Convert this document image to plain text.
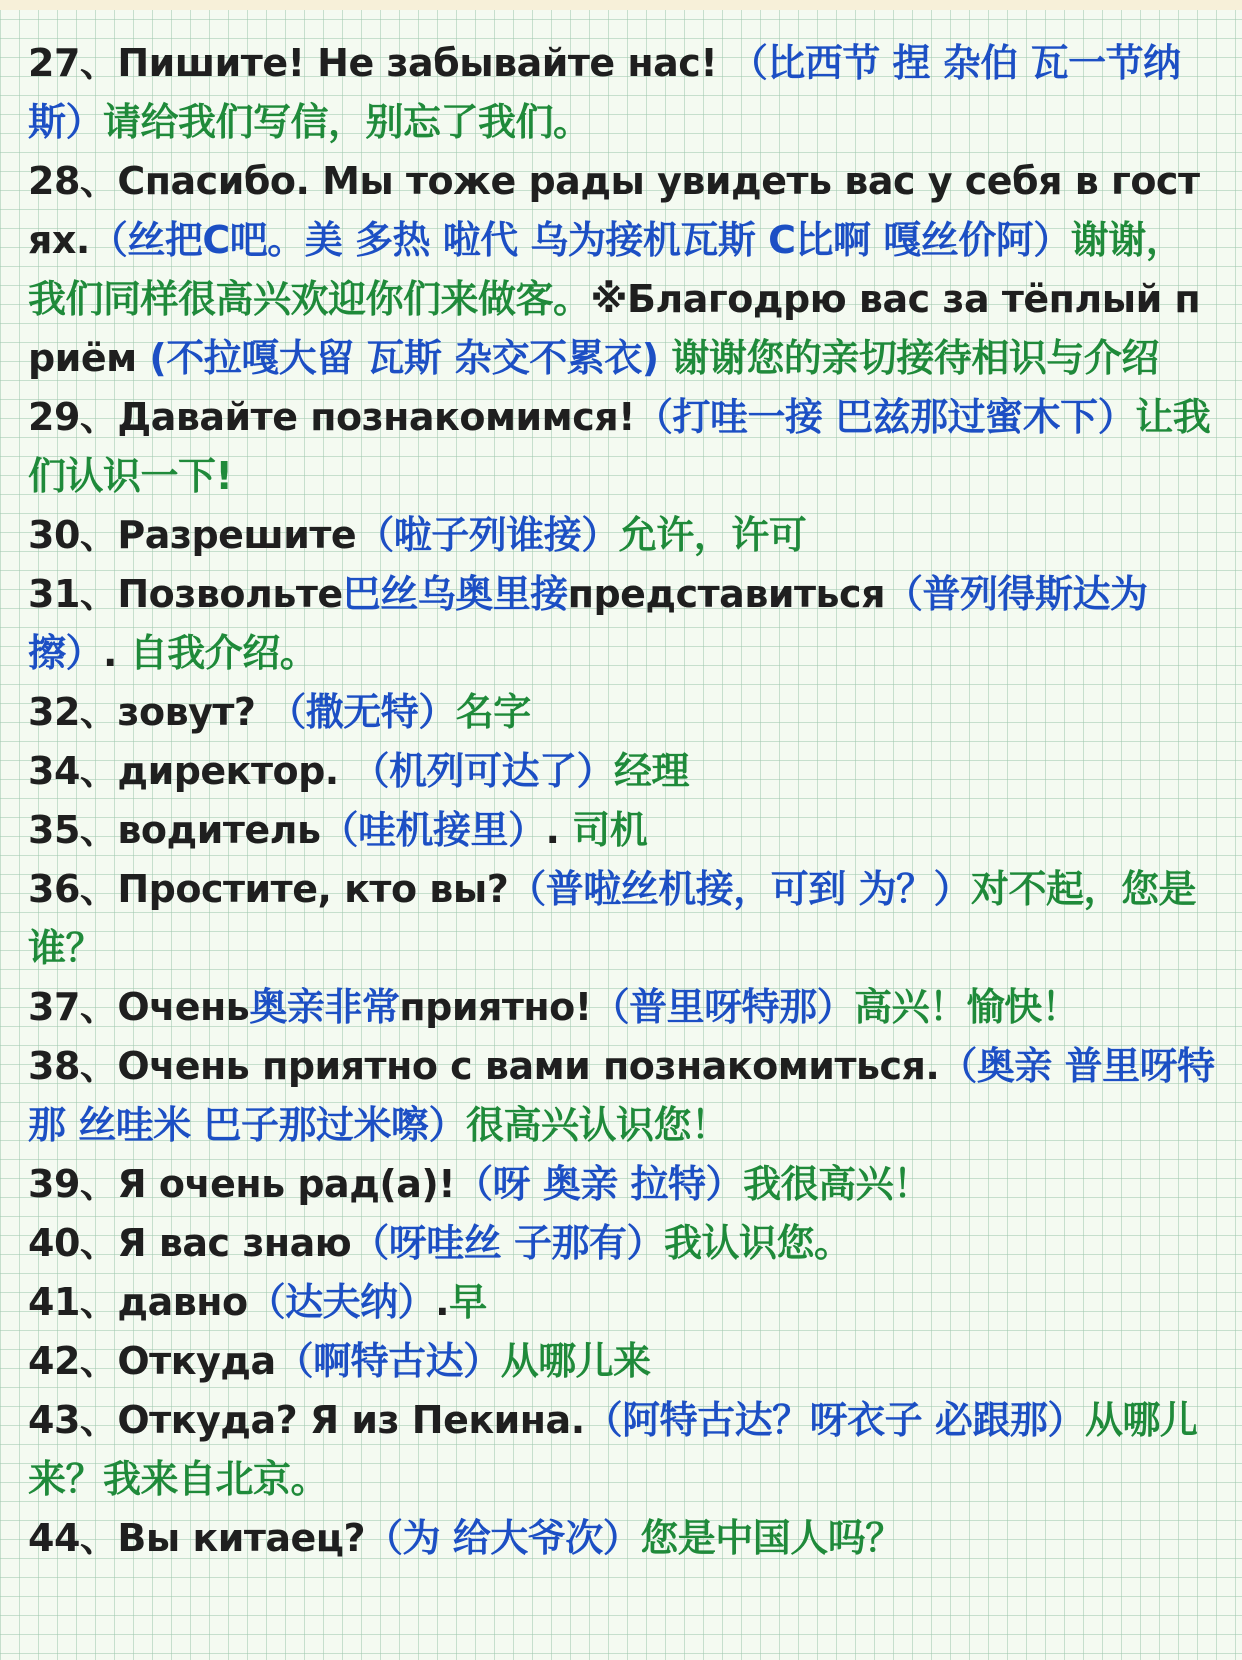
27、Пишите! Не забывайте нас! （比西节 捏 杂伯 瓦一节纳斯）请给我们写信，别忘了我们。
28、Спасибо. Мы тоже рады увидеть вас у себя в гостях.（丝把C吧。美 多热 啦代 乌为接机瓦斯 C比啊 嘎丝价阿）谢谢，我们同样很高兴欢迎你们来做客。※Благодрю вас за тёплый приём (不拉嘎大留 瓦斯 杂交不累衣) 谢谢您的亲切接待相识与介绍
29、Давайте познакомимся!（打哇一接 巴兹那过蜜木下）让我们认识一下!
30、Разрешите（啦子列谁接）允许，许可
31、Позвольте巴丝乌奥里接представиться（普列得斯达为擦）. 自我介绍。
32、зовут? （撒无特）名字
34、директор. （机列可达了）经理
35、водитель（哇机接里）. 司机
36、Простите, кто вы?（普啦丝机接，可到 为？）对不起，您是谁？
37、Очень奥亲非常приятно!（普里呀特那）高兴！愉快！
38、Очень приятно с вами познакомиться.（奥亲 普里呀特那 丝哇米 巴子那过米嚓）很高兴认识您！
39、Я очень рад(а)!（呀 奥亲 拉特）我很高兴！
40、Я вас знаю（呀哇丝 子那有）我认识您。
41、давно（达夫纳）.早
42、Откуда（啊特古达）从哪儿来
43、Откуда? Я из Пекина.（阿特古达？呀衣子 必跟那）从哪儿来？我来自北京。
44、Вы китаец?（为 给大爷次）您是中国人吗？
